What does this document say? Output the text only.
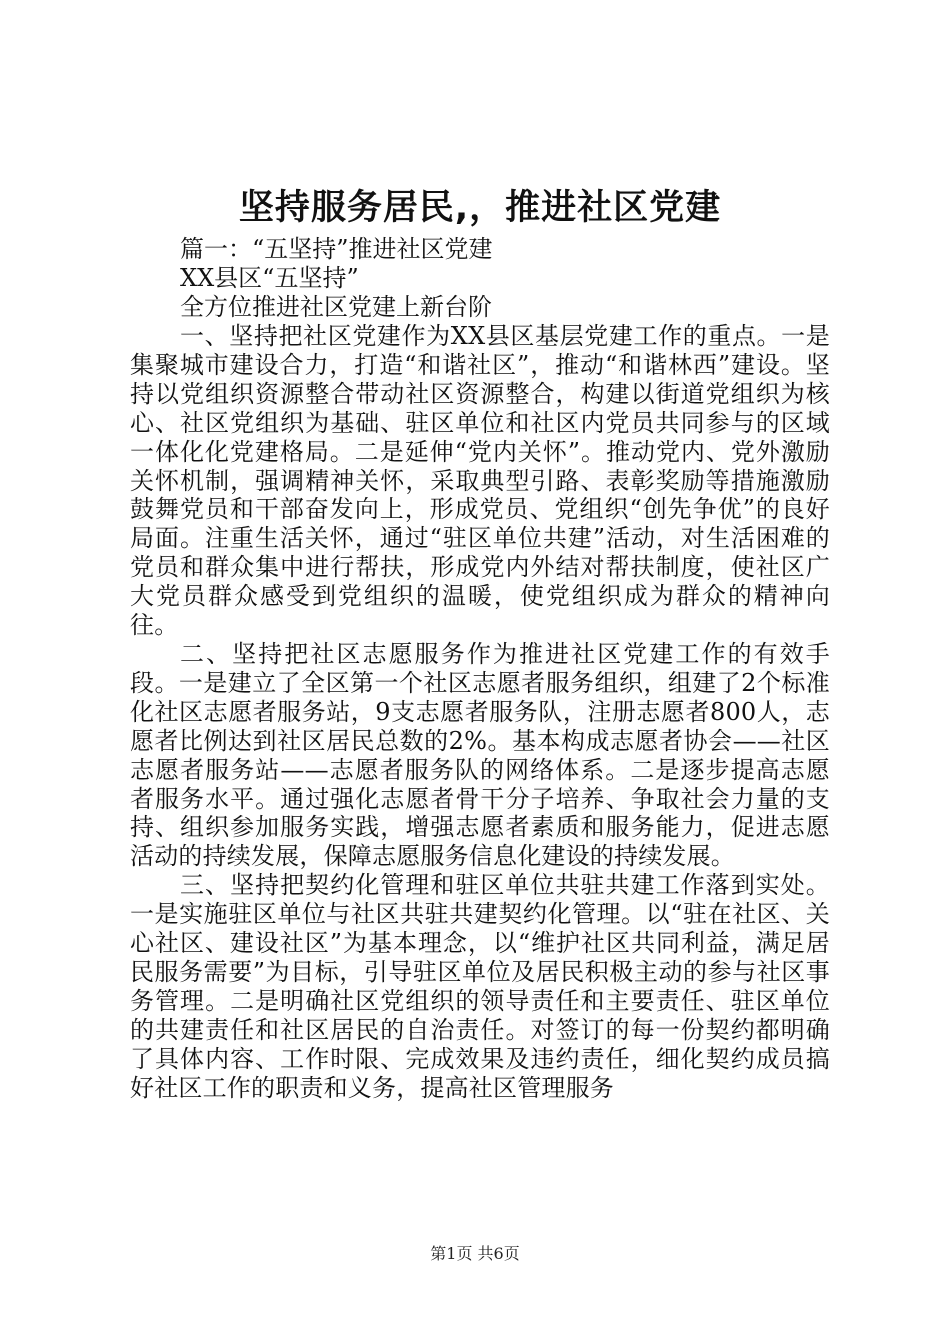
坚持服务居民,，推进社区党建

篇一：“五坚持”推进社区党建

XX县区“五坚持”

全方位推进社区党建上新台阶

一、坚持把社区党建作为XX县区基层党建工作的重点。一是集聚城市建设合力，打造“和谐社区”，推动“和谐林西”建设。坚持以党组织资源整合带动社区资源整合，构建以街道党组织为核心、社区党组织为基础、驻区单位和社区内党员共同参与的区域一体化化党建格局。二是延伸“党内关怀”。推动党内、党外激励关怀机制，强调精神关怀，采取典型引路、表彰奖励等措施激励鼓舞党员和干部奋发向上，形成党员、党组织“创先争优”的良好局面。注重生活关怀，通过“驻区单位共建”活动，对生活困难的党员和群众集中进行帮扶，形成党内外结对帮扶制度，使社区广大党员群众感受到党组织的温暖，使党组织成为群众的精神向往。

二、坚持把社区志愿服务作为推进社区党建工作的有效手段。一是建立了全区第一个社区志愿者服务组织，组建了2个标准化社区志愿者服务站，9支志愿者服务队，注册志愿者800人，志愿者比例达到社区居民总数的2%。基本构成志愿者协会——社区志愿者服务站——志愿者服务队的网络体系。二是逐步提高志愿者服务水平。通过强化志愿者骨干分子培养、争取社会力量的支持、组织参加服务实践，增强志愿者素质和服务能力，促进志愿活动的持续发展，保障志愿服务信息化建设的持续发展。

三、坚持把契约化管理和驻区单位共驻共建工作落到实处。一是实施驻区单位与社区共驻共建契约化管理。以“驻在社区、关心社区、建设社区”为基本理念，以“维护社区共同利益，满足居民服务需要”为目标，引导驻区单位及居民积极主动的参与社区事务管理。二是明确社区党组织的领导责任和主要责任、驻区单位的共建责任和社区居民的自治责任。对签订的每一份契约都明确了具体内容、工作时限、完成效果及违约责任，细化契约成员搞好社区工作的职责和义务，提高社区管理服务

第1页 共6页
